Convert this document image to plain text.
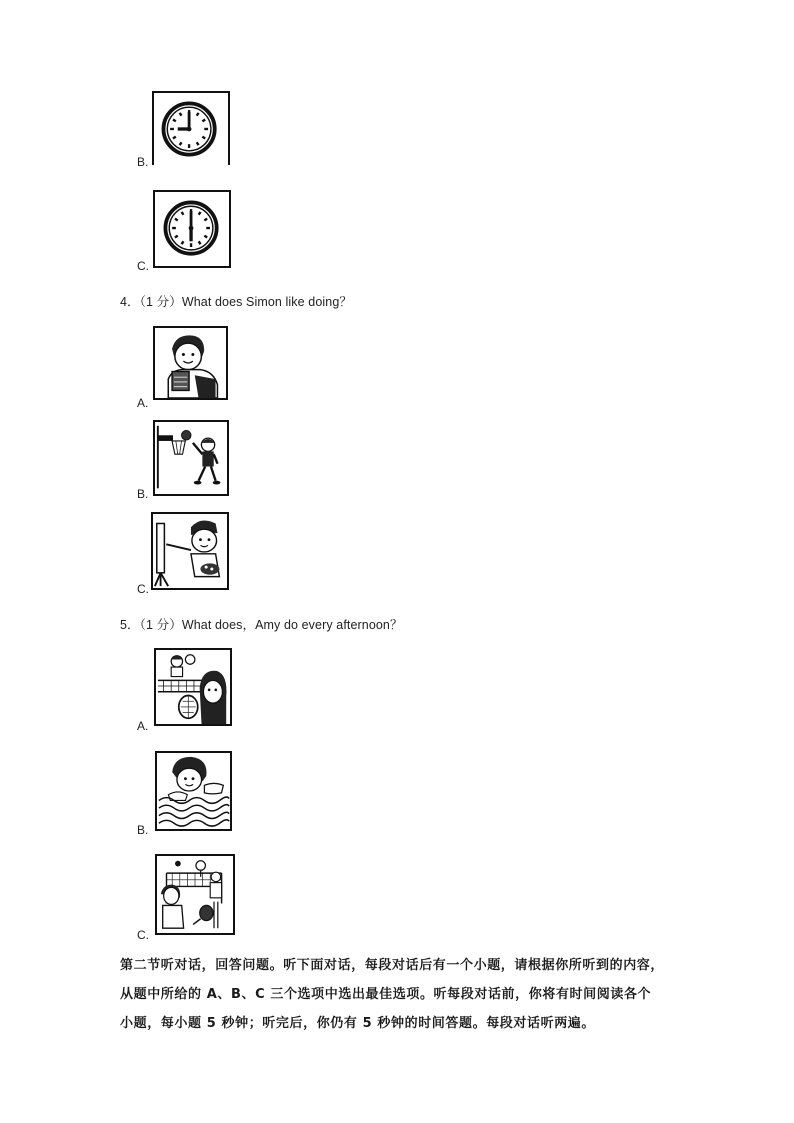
B.
C.
4．（1 分）What does Simon like doing？
A.
B.
C.
5．（1 分）What does，Amy do every afternoon？
A.
B.
C.
第二节听对话，回答问题。听下面对话，每段对话后有一个小题，请根据你所听到的内容，
从题中所给的 A、B、C 三个选项中选出最佳选项。听每段对话前，你将有时间阅读各个
小题，每小题 5 秒钟；听完后，你仍有 5 秒钟的时间答题。每段对话听两遍。
